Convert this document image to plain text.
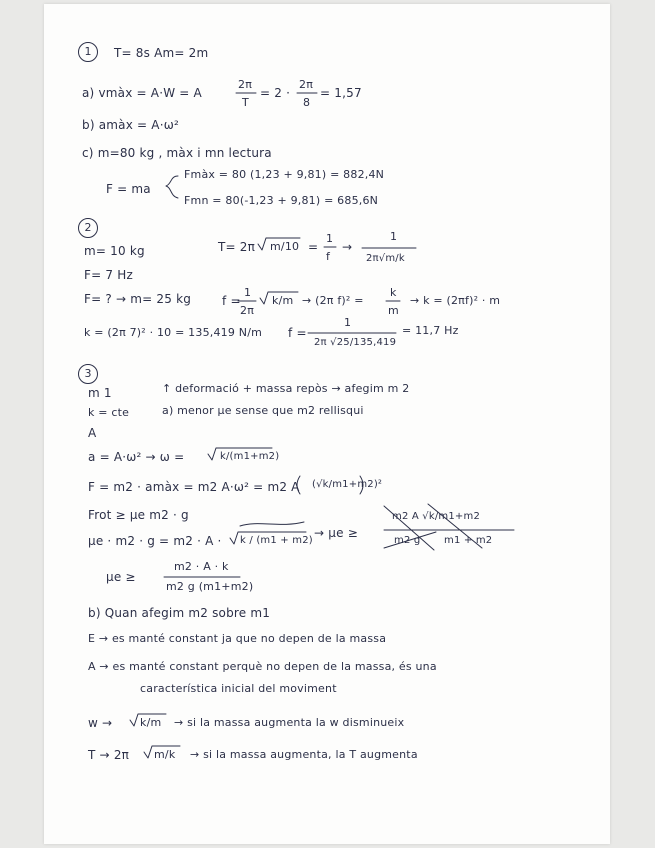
1	T= 8s Am= 2m
a) vmàx = A·W = A
2π
T
= 2 ·
2π
8
= 1,57
b) amàx = A·ω²
c) m=80 kg , màx i mn lectura
F = ma
Fmàx = 80 (1,23 + 9,81) = 882,4N
Fmn = 80(-1,23 + 9,81) = 685,6N
2
m= 10 kg
F= 7 Hz
F= ? → m= 25 kg
T= 2π m/10 =
1
f
→
1
2π√m/k
f =
1
2π
k/m → (2π f)² =
k
m
→ k = (2πf)² · m
k = (2π 7)² · 10 = 135,419 N/m f =
1
2π √25/135,419
= 11,7 Hz
3
m 1
k = cte
A
↑ deformació + massa repòs → afegim m 2
a) menor μe sense que m2 rellisqui
a = A·ω² → ω =	k/(m1+m2)
F = m2 · amàx = m2 A·ω² = m2 A (√k/m1+m2)²
Frot ≥ μe m2 · g
μe · m2 · g = m2 · A · k / (m1 + m2)
→ μe ≥
m2 A √k/m1+m2
m2 g m1 + m2
μe ≥
m2 · A · k
m2 g (m1+m2)
b) Quan afegim m2 sobre m1
E → es manté constant ja que no depen de la massa
A → es manté constant perquè no depen de la massa, és una
característica inicial del moviment
w →	k/m → si la massa augmenta la w disminueix
T → 2π m/k → si la massa augmenta, la T augmenta
